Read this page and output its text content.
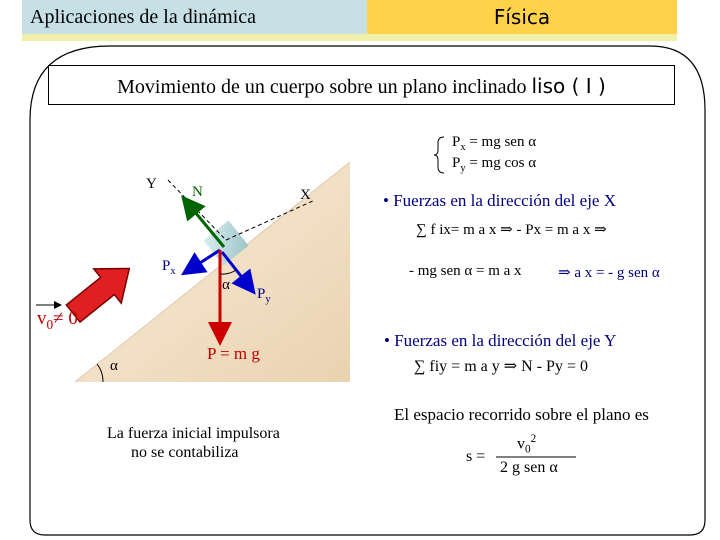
Aplicaciones de la dinámica	Física
Movimiento de un cuerpo sobre un plano inclinado liso ( I )
Y N	X
$P_x$
α
$P_y$
$v_0\ne 0$
α
P = m g
La fuerza inicial impulsora
no se contabiliza
$P_x$ = mg sen α
$P_y$ = mg cos α
• Fuerzas en la dirección del eje X
∑ f ix= m a x ⇒ - Px = m a x ⇒
- mg sen α = m a x ⇒ a x = - g sen α
• Fuerzas en la dirección del eje Y
∑ fiy = m a y ⇒ N - Py = 0
El espacio recorrido sobre el plano es
s =
$v_0^2$
2 g sen α
